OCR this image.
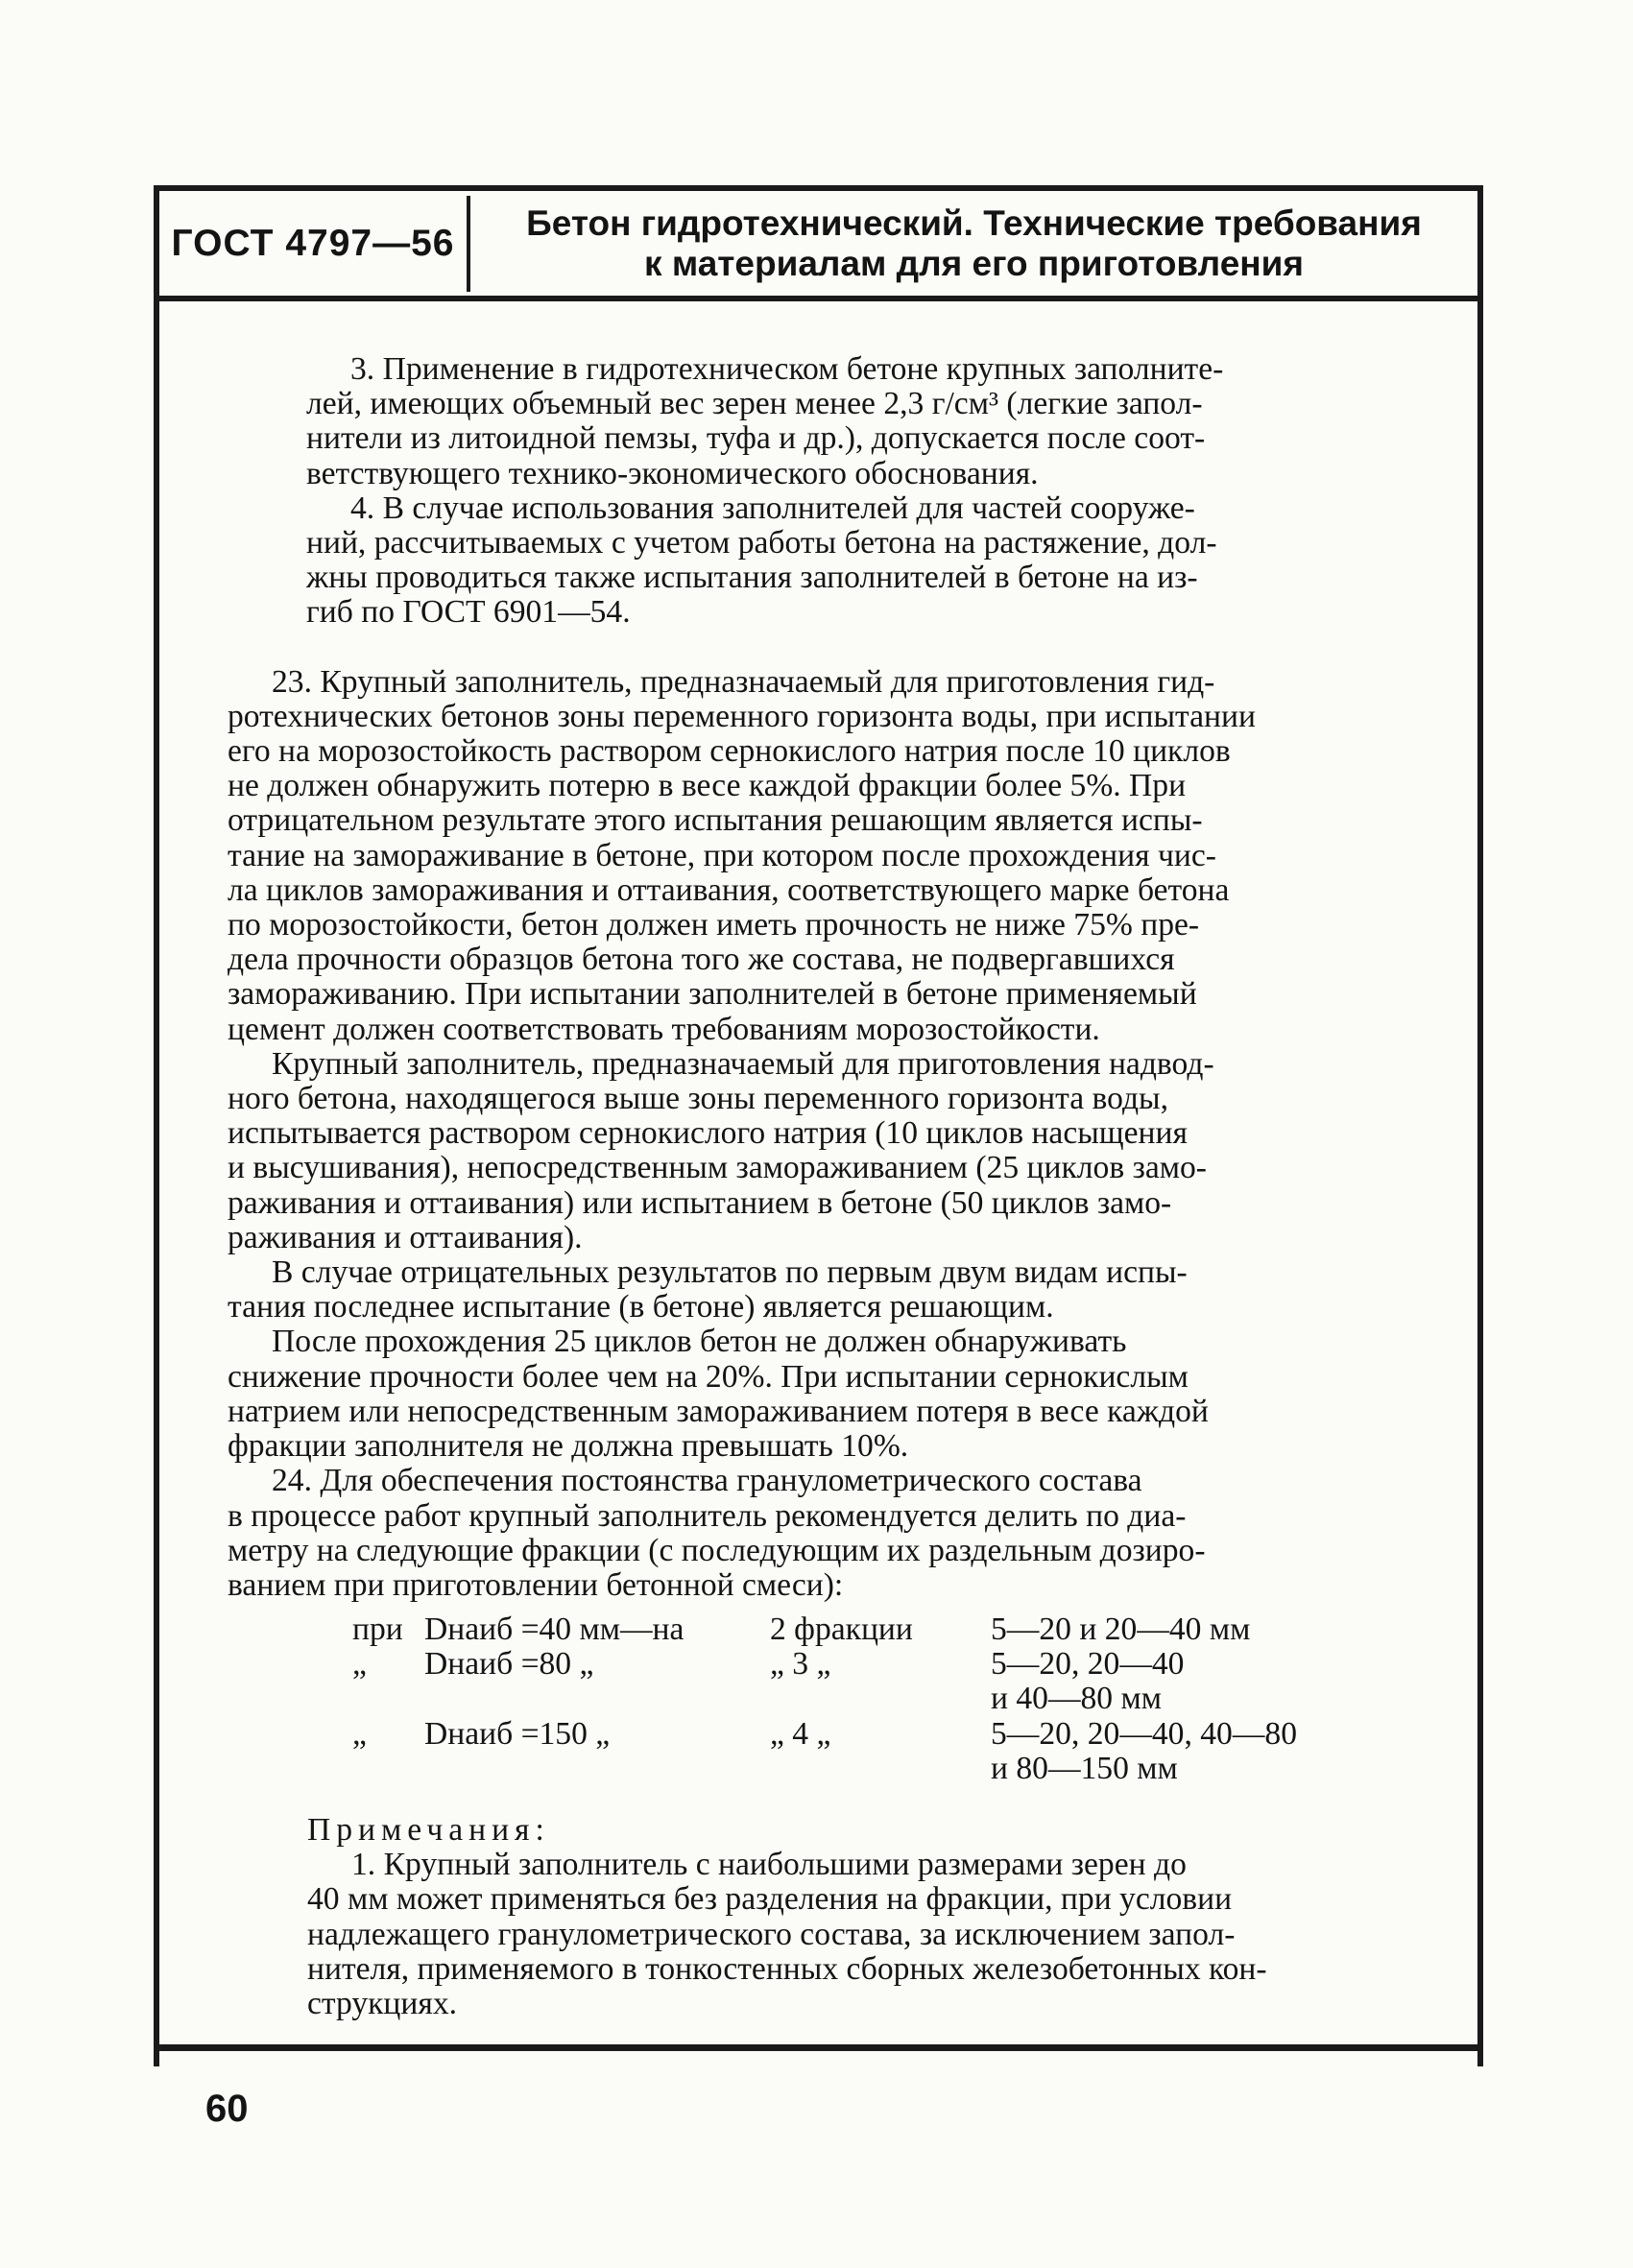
ГОСТ 4797—56	Бетон гидротехнический. Технические требования
к материалам для его приготовления

3. Применение в гидротехническом бетоне крупных заполните-

лей, имеющих объемный вес зерен менее 2,3 г/см³ (легкие запол-

нители из литоидной пемзы, туфа и др.), допускается после соот-

ветствующего технико-экономического обоснования.

4. В случае использования заполнителей для частей сооруже-

ний, рассчитываемых с учетом работы бетона на растяжение, дол-

жны проводиться также испытания заполнителей в бетоне на из-

гиб по ГОСТ 6901—54.

23. Крупный заполнитель, предназначаемый для приготовления гид-

ротехнических бетонов зоны переменного горизонта воды, при испытании

его на морозостойкость раствором сернокислого натрия после 10 циклов

не должен обнаружить потерю в весе каждой фракции более 5%. При

отрицательном результате этого испытания решающим является испы-

тание на замораживание в бетоне, при котором после прохождения чис-

ла циклов замораживания и оттаивания, соответствующего марке бетона

по морозостойкости, бетон должен иметь прочность не ниже 75% пре-

дела прочности образцов бетона того же состава, не подвергавшихся

замораживанию. При испытании заполнителей в бетоне применяемый

цемент должен соответствовать требованиям морозостойкости.

Крупный заполнитель, предназначаемый для приготовления надвод-

ного бетона, находящегося выше зоны переменного горизонта воды,

испытывается раствором сернокислого натрия (10 циклов насыщения

и высушивания), непосредственным замораживанием (25 циклов замо-

раживания и оттаивания) или испытанием в бетоне (50 циклов замо-

раживания и оттаивания).

В случае отрицательных результатов по первым двум видам испы-

тания последнее испытание (в бетоне) является решающим.

После прохождения 25 циклов бетон не должен обнаруживать

снижение прочности более чем на 20%. При испытании сернокислым

натрием или непосредственным замораживанием потеря в весе каждой

фракции заполнителя не должна превышать 10%.

24. Для обеспечения постоянства гранулометрического состава

в процессе работ крупный заполнитель рекомендуется делить по диа-

метру на следующие фракции (с последующим их раздельным дозиро-

ванием при приготовлении бетонной смеси):

при Dнаиб =40 мм—на	2 фракции	5—20 и 20—40 мм
„	Dнаиб =80 „	„ 3 „	5—20, 20—40
и 40—80 мм
„	Dнаиб =150 „	„ 4 „	5—20, 20—40, 40—80
и 80—150 мм

Примечания:

1. Крупный заполнитель с наибольшими размерами зерен до

40 мм может применяться без разделения на фракции, при условии

надлежащего гранулометрического состава, за исключением запол-

нителя, применяемого в тонкостенных сборных железобетонных кон-

струкциях.

60
